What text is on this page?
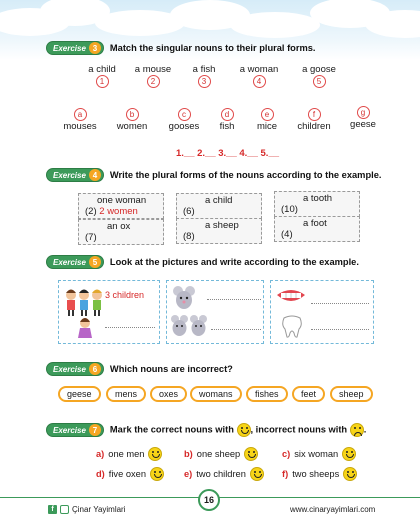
Exercise 3	Match the singular nouns to their plural forms.
a child
1
a mouse
2
a fish
3
a woman
4
a goose
5
a
mouses
b
women
c
gooses
d
fish
e
mice
f
children
g
geese
1.__ 2.__ 3.__ 4.__ 5.__
Exercise 4	Write the plural forms of the nouns according to the example.
one woman
(2) 2 women
a child
(6)
a tooth
(10)
an ox
(7)
a sheep
(8)
a foot
(4)
Exercise 5	Look at the pictures and write according to the example.
3 children
Exercise 6	Which nouns are incorrect?
geese	mens	oxes	womans	fishes	feet	sheep
Exercise 7	Mark the correct nouns with , incorrect nouns with .
a) one men	b) one sheep	c) six woman
d) five oxen	e) two children	f) two sheeps
f	Çinar Yayimlari
16
www.cinaryayimlari.com
